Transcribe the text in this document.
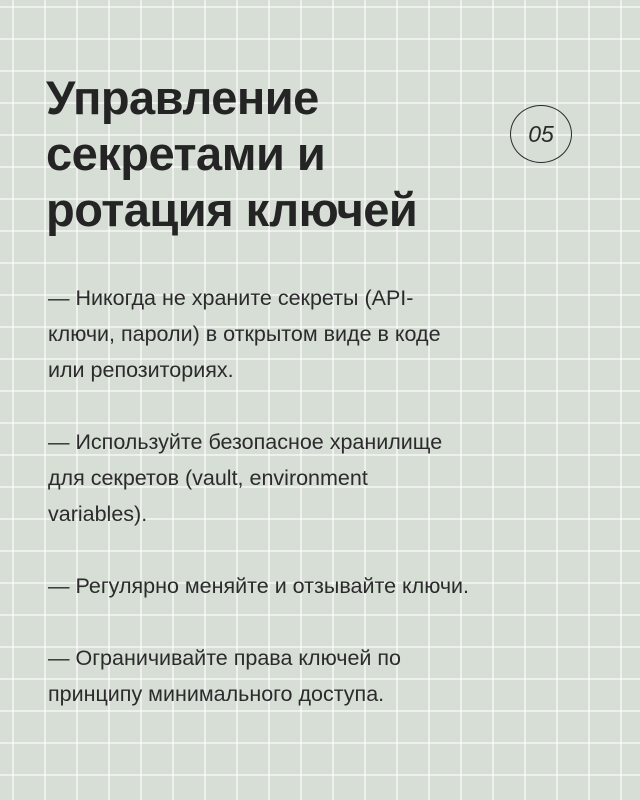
Управление
секретами и
ротация ключей
05

— Никогда не храните секреты (API-
ключи, пароли) в открытом виде в коде
или репозиториях.

— Используйте безопасное хранилище
для секретов (vault, environment
variables).

— Регулярно меняйте и отзывайте ключи.

— Ограничивайте права ключей по
принципу минимального доступа.
